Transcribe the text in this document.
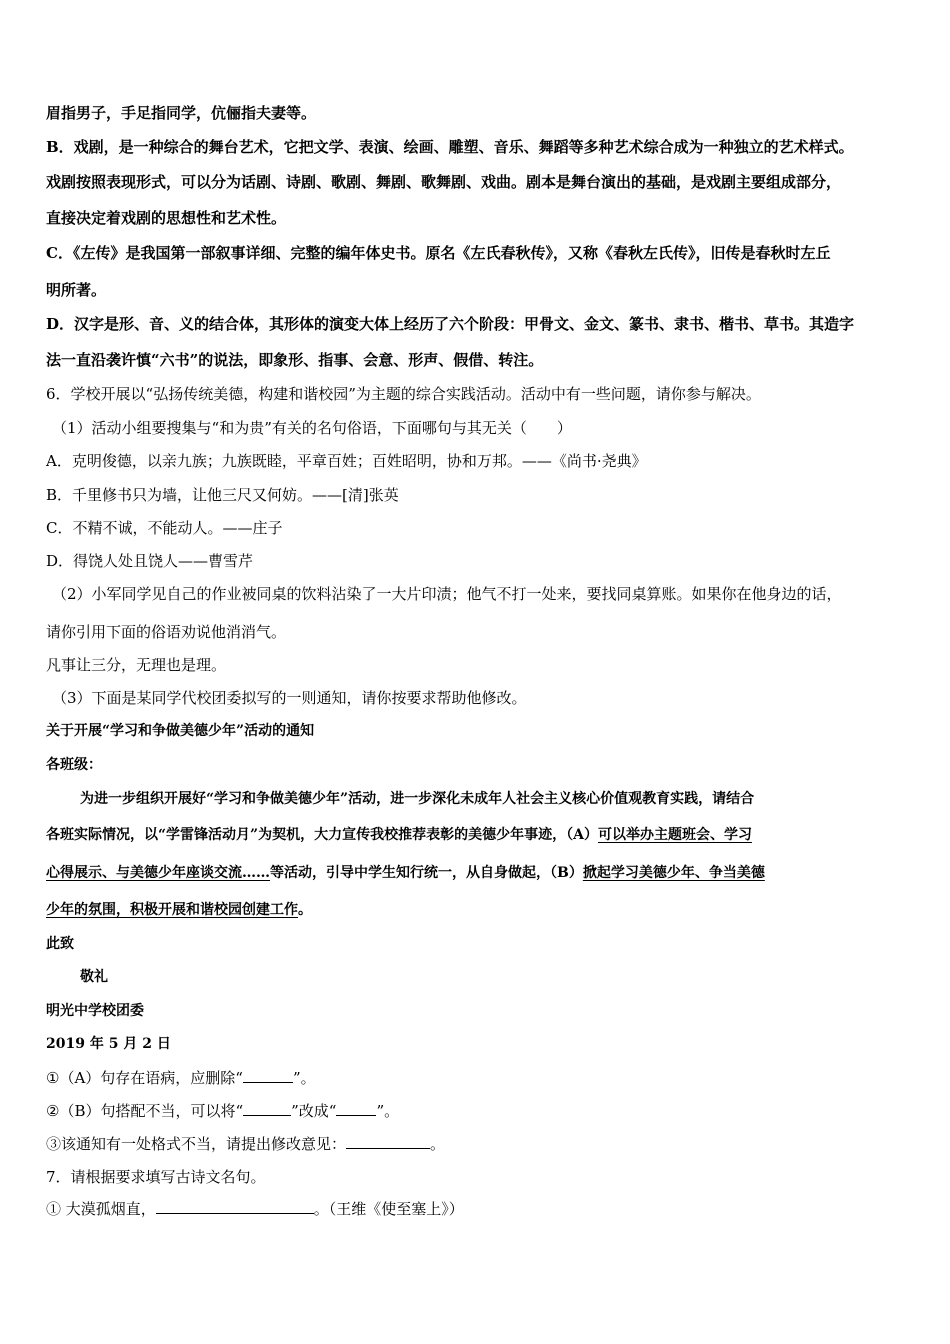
眉指男子，手足指同学，伉俪指夫妻等。
B．戏剧，是一种综合的舞台艺术，它把文学、表演、绘画、雕塑、音乐、舞蹈等多种艺术综合成为一种独立的艺术样式。
戏剧按照表现形式，可以分为话剧、诗剧、歌剧、舞剧、歌舞剧、戏曲。剧本是舞台演出的基础，是戏剧主要组成部分，
直接决定着戏剧的思想性和艺术性。
C．《左传》是我国第一部叙事详细、完整的编年体史书。原名《左氏春秋传》，又称《春秋左氏传》，旧传是春秋时左丘
明所著。
D．汉字是形、音、义的结合体，其形体的演变大体上经历了六个阶段：甲骨文、金文、篆书、隶书、楷书、草书。其造字
法一直沿袭许慎“六书”的说法，即象形、指事、会意、形声、假借、转注。
6．学校开展以“弘扬传统美德，构建和谐校园”为主题的综合实践活动。活动中有一些问题，请你参与解决。
（1）活动小组要搜集与“和为贵”有关的名句俗语，下面哪句与其无关（　　）
A．克明俊德，以亲九族；九族既睦，平章百姓；百姓昭明，协和万邦。——《尚书·尧典》
B．千里修书只为墙，让他三尺又何妨。——[清]张英
C．不精不诚，不能动人。——庄子
D．得饶人处且饶人——曹雪芹
（2）小军同学见自己的作业被同桌的饮料沾染了一大片印渍；他气不打一处来，要找同桌算账。如果你在他身边的话，
请你引用下面的俗语劝说他消消气。
凡事让三分，无理也是理。
（3）下面是某同学代校团委拟写的一则通知，请你按要求帮助他修改。
关于开展“学习和争做美德少年”活动的通知
各班级：
为进一步组织开展好“学习和争做美德少年”活动，进一步深化未成年人社会主义核心价值观教育实践，请结合
各班实际情况，以“学雷锋活动月”为契机，大力宣传我校推荐表彰的美德少年事迹，（A）可以举办主题班会、学习
心得展示、与美德少年座谈交流……等活动，引导中学生知行统一，从自身做起，（B）掀起学习美德少年、争当美德
少年的氛围，积极开展和谐校园创建工作。
此致
敬礼
明光中学校团委
2019 年 5 月 2 日
①（A）句存在语病，应删除“	”。
②（B）句搭配不当，可以将“	”改成“	”。
③该通知有一处格式不当，请提出修改意见：	。
7．请根据要求填写古诗文名句。
① 大漠孤烟直，	。（王维《使至塞上》）
